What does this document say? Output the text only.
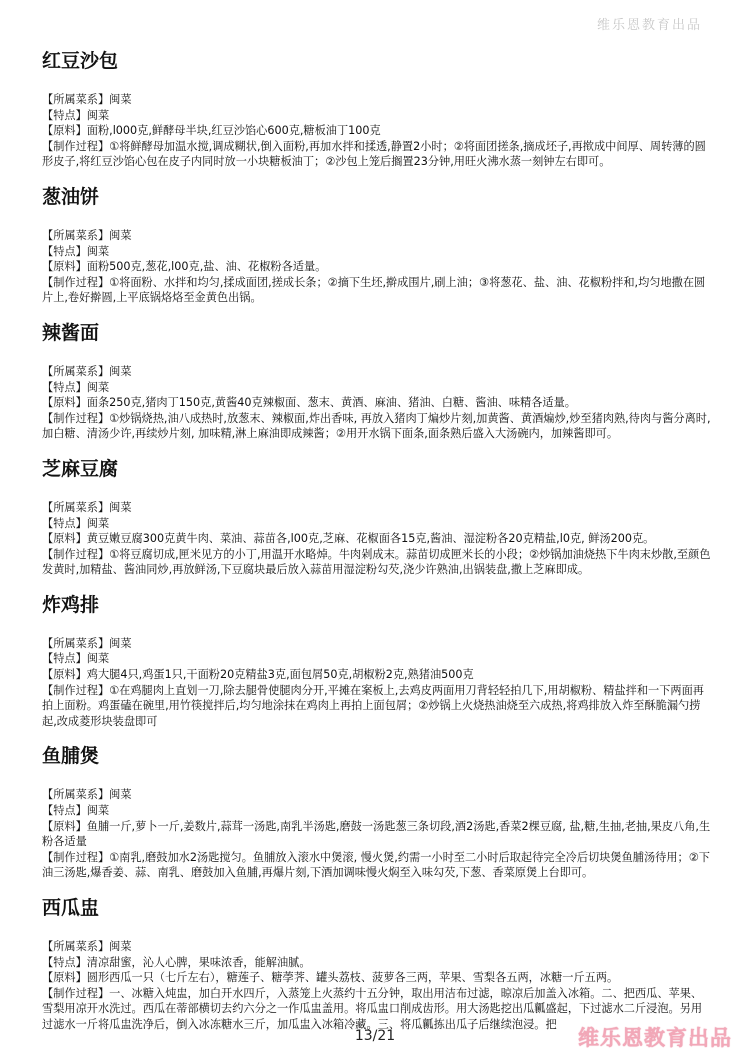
维乐恩教育出品
红豆沙包

【所属菜系】闽菜

【特点】闽菜

【原料】面粉,l000克,鲜酵母半块,红豆沙馅心600克,糖板油丁100克

【制作过程】①将鲜酵母加温水搅,调成糊状,倒入面粉,再加水拌和揉透,静置2小时；②将面团搓条,摘成坯子,再揿成中间厚、周转薄的圆形皮子,将红豆沙馅心包在皮子内同时放一小块糖板油丁；②沙包上笼后搁置23分钟,用旺火沸水蒸一刻钟左右即可。

葱油饼

【所属菜系】闽菜

【特点】闽菜

【原料】面粉500克,葱花,l00克,盐、油、花椒粉各适量。

【制作过程】①将面粉、水拌和均匀,揉成面团,搓成长条；②摘下生坯,擀成围片,刷上油；③将葱花、盐、油、花椒粉拌和,均匀地撒在圆片上,卷好擀圆,上平底锅烙烙至金黄色出锅。

辣酱面

【所属菜系】闽菜

【特点】闽菜

【原料】面条250克,猪肉丁150克,黄酱40克辣椒面、葱末、黄酒、麻油、猪油、白糖、酱油、味精各适量。

【制作过程】①炒锅烧热,油八成热时,放葱末、辣椒面,炸出香味, 再放入猪肉丁煸炒片刻,加黄酱、黄酒煸炒,炒至猪肉熟,待肉与酱分离时,加白糖、清汤少许,再续炒片刻, 加味精,淋上麻油即成辣酱；②用开水锅下面条,面条熟后盛入大汤碗内，加辣酱即可。

芝麻豆腐

【所属菜系】闽菜

【特点】闽菜

【原料】黄豆嫩豆腐300克黄牛肉、菜油、蒜苗各,l00克,芝麻、花椒面各15克,酱油、湿淀粉各20克精盐,l0克, 鲜汤200克。

【制作过程】①将豆腐切成,匣米见方的小丁,用温开水略焯。牛肉剁成末。蒜苗切成匣米长的小段；②炒锅加油烧热下牛肉末炒散,至颜色发黄时,加精盐、酱油同炒,再放鲜汤,下豆腐块最后放入蒜苗用湿淀粉勾芡,浇少许熟油,出锅装盘,撒上芝麻即成。

炸鸡排

【所属菜系】闽菜

【特点】闽菜

【原料】鸡大腿4只,鸡蛋1只,干面粉20克精盐3克,面包屑50克,胡椒粉2克,熟猪油500克

【制作过程】①在鸡腿肉上直划一刀,除去腿骨使腿肉分开,平摊在案板上,去鸡皮两面用刀背轻轻拍几下,用胡椒粉、精盐拌和一下两面再拍上面粉。鸡蛋磕在碗里,用竹筷搅拌后,均匀地涂抹在鸡肉上再拍上面包屑；②炒锅上火烧热油烧至六成热,将鸡排放入炸至酥脆漏勺捞起,改成菱形块装盘即可

鱼脯煲

【所属菜系】闽菜

【特点】闽菜

【原料】鱼脯一斤,萝卜一斤,姜数片,蒜茸一汤匙,南乳半汤匙,磨鼓一汤匙葱三条切段,酒2汤匙,香菜2棵豆腐, 盐,糖,生抽,老抽,果皮八角,生粉各适量

【制作过程】①南乳,磨鼓加水2汤匙搅匀。鱼脯放入滚水中煲滚, 慢火煲,约需一小时至二小时后取起待完全冷后切块煲鱼脯汤待用；②下油三汤匙,爆香姜、蒜、南乳、磨鼓加入鱼脯,再爆片刻,下酒加调味慢火焖至入味勾芡,下葱、香菜原煲上台即可。

西瓜盅

【所属菜系】闽菜

【特点】清凉甜蜜，沁人心脾，果味浓香，能解油腻。

【原料】圆形西瓜一只（七斤左右），糖莲子、糖荸荠、罐头荔枝、菠萝各三两，苹果、雪梨各五两，冰糖一斤五两。

【制作过程】一、冰糖入炖盅，加白开水四斤，入蒸笼上火蒸约十五分钟，取出用洁布过滤，晾凉后加盖入冰箱。二、把西瓜、苹果、雪梨用凉开水洗过。西瓜在蒂部横切去约六分之一作瓜盅盖用。将瓜盅口削成齿形。用大汤匙挖出瓜瓤盛起，下过滤水二斤浸泡。另用过滤水一斤将瓜盅洗净后，倒入冰冻糖水三斤，加瓜盅入冰箱冷藏。三、将瓜瓤拣出瓜子后继续泡浸。把

13/21	维乐恩教育出品
